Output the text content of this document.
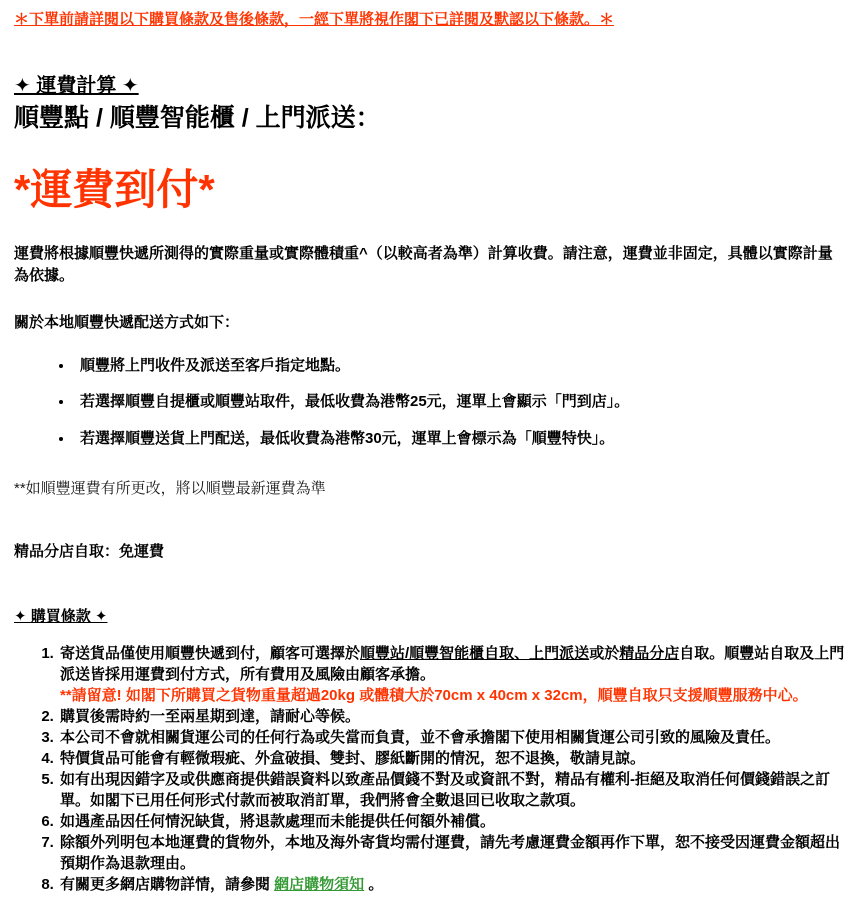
＊下單前請詳閱以下購買條款及售後條款，一經下單將視作閣下已詳閱及默認以下條款。＊
✦ 運費計算 ✦
順豐點 / 順豐智能櫃 / 上門派送：
*運費到付*
運費將根據順豐快遞所測得的實際重量或實際體積重^（以較高者為準）計算收費。請注意，運費並非固定，具體以實際計量為依據。
關於本地順豐快遞配送方式如下：
• 順豐將上門收件及派送至客戶指定地點。
• 若選擇順豐自提櫃或順豐站取件，最低收費為港幣25元，運單上會顯示「門到店」。
• 若選擇順豐送貨上門配送，最低收費為港幣30元，運單上會標示為「順豐特快」。
**如順豐運費有所更改，將以順豐最新運費為準
精品分店自取：免運費
✦ 購買條款 ✦
1. 寄送貨品僅使用順豐快遞到付，顧客可選擇於順豐站/順豐智能櫃自取、上門派送或於精品分店自取。順豐站自取及上門派送皆採用運費到付方式，所有費用及風險由顧客承擔。
**請留意! 如閣下所購買之貨物重量超過20kg 或體積大於70cm x 40cm x 32cm，順豐自取只支援順豐服務中心。
2. 購買後需時約一至兩星期到達，請耐心等候。
3. 本公司不會就相關貨運公司的任何行為或失當而負責，並不會承擔閣下使用相關貨運公司引致的風險及責任。
4. 特價貨品可能會有輕微瑕疵、外盒破損、雙封、膠紙斷開的情況，恕不退換，敬請見諒。
5. 如有出現因錯字及或供應商提供錯誤資料以致產品價錢不對及或資訊不對，精品有權利-拒絕及取消任何價錢錯誤之訂單。如閣下已用任何形式付款而被取消訂單，我們將會全數退回已收取之款項。
6. 如遇產品因任何情況缺貨，將退款處理而未能提供任何額外補償。
7. 除額外列明包本地運費的貨物外，本地及海外寄貨均需付運費，請先考慮運費金額再作下單，恕不接受因運費金額超出預期作為退款理由。
8. 有關更多網店購物詳情，請參閱 網店購物須知 。
